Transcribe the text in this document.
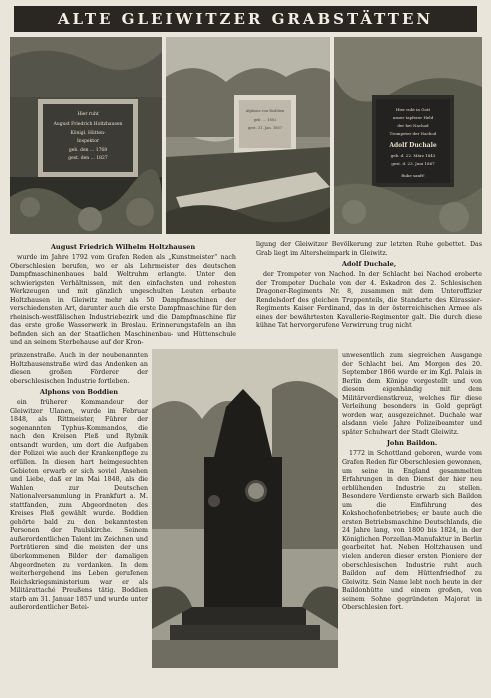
ALTE GLEIWITZER GRABSTÄTTEN
Hier ruht
August Friedrich Holtzhausen
Königl. Hütten-
Inspektor
geb. den ... 1768
gest. den ... 1827
Alphons von Boddien
geb. ... 1802
gest. 31. Jan. 1857
Hier ruht in Gott
unser tapferer Held
der bei Nachod
Trompeter der Nachod
Adolf Duchale
geb. d. 22. März 1843
gest. d. 23. Juni 1867
Ruhe sanft!
August Friedrich Wilhelm Holtzhausen

wurde im Jahre 1792 vom Grafen Reden als „Kunstmeister“ nach Oberschlesien berufen, wo er als Lehrmeister des deutschen Dampfmaschinenbaues bald Weltruhm erlangte. Unter den schwierigsten Verhältnissen, mit den einfachsten und rohesten Werkzeugen und mit gänzlich ungeschulten Leuten erbaute Holtzhausen in Gleiwitz mehr als 50 Dampfmaschinen der verschiedensten Art, darunter auch die erste Dampfmaschine für den rheinisch-westfälischen Industriebezirk und die Dampfmaschine für das erste große Wasserwerk in Breslau. Erinnerungstafeln an ihn befinden sich an der Staatlichen Maschinenbau- und Hüttenschule und an seinem Sterbehause auf der Kron-

prinzenstraße. Auch in der neubenannten Holtzhausenstraße wird das Andenken an diesen großen Förderer der oberschlesischen Industrie fortleben.

Alphons von Boddien

ein früherer Kommandeur der Gleiwitzer Ulanen, wurde im Februar 1848, als Rittmeister, Führer der sogenannten Typhus-Kommandos, die nach den Kreisen Pleß und Rybnik entsandt wurden, um dort die Aufgaben der Polizei wie auch der Krankenpflege zu erfüllen. In diesen hart heimgesuchten Gebieten erwarb er sich soviel Ansehen und Liebe, daß er im Mai 1848, als die Wahlen zur Deutschen Nationalversammlung in Frankfurt a. M. stattfanden, zum Abgeordneten des Kreises Pleß gewählt wurde. Boddien gehörte bald zu den bekanntesten Personen der Paulskirche. Seinem außerordentlichen Talent im Zeichnen und Porträtieren sind die meisten der uns überkommenen Bilder der damaligen Abgeordneten zu verdanken. In dem weiterhergehend ins Leben gerufenen Reichskriegsministerium war er als Militärattaché Preußens tätig. Boddien starb am 31. Januar 1857 und wurde unter außerordentlicher Betei-

ligung der Gleiwitzer Bevölkerung zur letzten Ruhe gebettet. Das Grab liegt im Altersheimpark in Gleiwitz.

Adolf Duchale,

der Trompeter von Nachod. In der Schlacht bei Nachod eroberte der Trompeter Duchale von der 4. Eskadron des 2. Schlesischen Dragoner-Regiments Nr. 8, zusammen mit dem Unteroffizier Rendelsdorf des gleichen Truppenteils, die Standarte des Kürassier-Regiments Kaiser Ferdinand, das in der österreichischen Armee als eines der bewährtesten Kavallerie-Regimenter galt. Die durch diese kühne Tat hervorgerufene Verwirrung trug nicht

unwesentlich zum siegreichen Ausgange der Schlacht bei. Am Morgen des 20. September 1866 wurde er im Kgl. Palais in Berlin dem Könige vorgestellt und von diesem eigenhändig mit dem Militärverdienstkreuz, welches für diese Verleihung besonders in Gold geprägt worden war, ausgezeichnet. Duchale war alsdann viele Jahre Polizeibeamter und später Schulwart der Stadt Gleiwitz.

John Baildon.

1772 in Schottland geboren, wurde vom Grafen Reden für Oberschlesien gewonnen, um seine in England gesammelten Erfahrungen in den Dienst der hier neu erblühenden Industrie zu stellen. Besondere Verdienste erwarb sich Baildon um die Einführung des Kokshochofenbetriebes; er baute auch die ersten Betriebsmaschine Deutschlands, die 24 Jahre lang, von 1800 bis 1824, in der Königlichen Porzellan-Manufaktur in Berlin gearbeitet hat. Neben Holtzhausen und vielen anderen dieser ersten Pioniere der oberschlesischen Industrie ruht auch Baildon auf dem Hüttenfriedhof zu Gleiwitz. Sein Name lebt noch heute in der Baildonhütte und einem großen, von seinem Sohne gegründeten Majorat in Oberschlesien fort.
